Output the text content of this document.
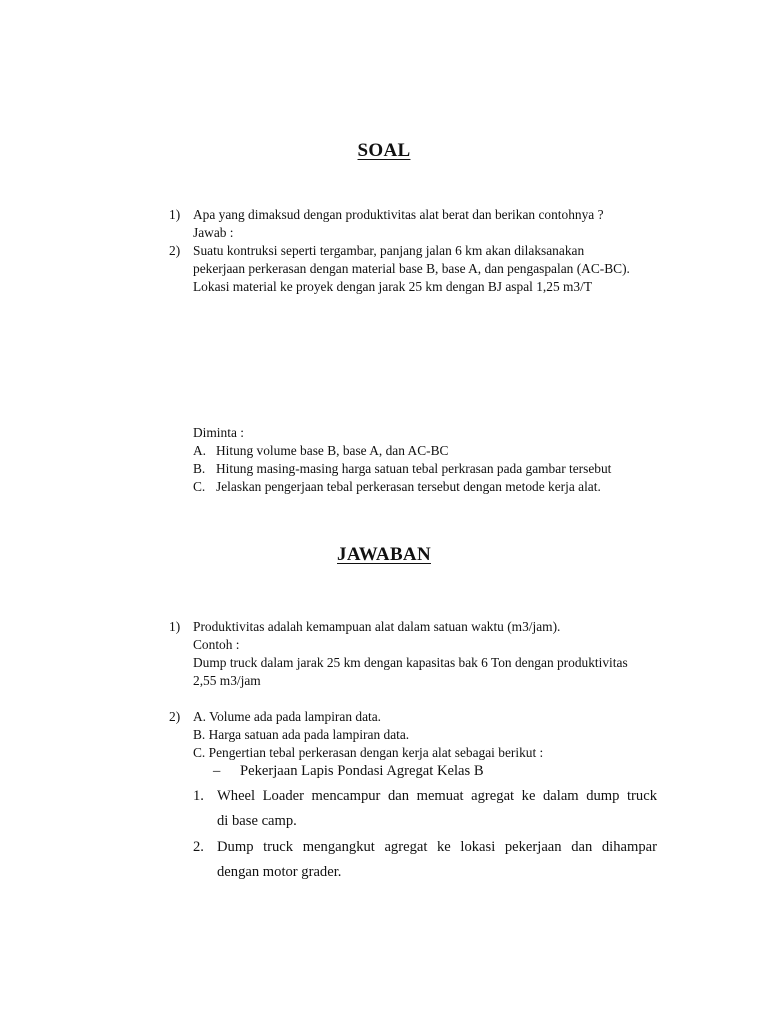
SOAL
1) Apa yang dimaksud dengan produktivitas alat berat dan berikan contohnya ?
Jawab :
2) Suatu kontruksi seperti tergambar, panjang jalan 6 km akan dilaksanakan
pekerjaan perkerasan dengan material base B, base A, dan pengaspalan (AC-BC).
Lokasi material ke proyek dengan jarak 25 km dengan BJ aspal 1,25 m3/T
Diminta :
A. Hitung volume base B, base A, dan AC-BC
B. Hitung masing-masing harga satuan tebal perkrasan pada gambar tersebut
C. Jelaskan pengerjaan tebal perkerasan tersebut dengan metode kerja alat.
JAWABAN
1) Produktivitas adalah kemampuan alat dalam satuan waktu (m3/jam).
Contoh :
Dump truck dalam jarak 25 km dengan kapasitas bak 6 Ton dengan produktivitas
2,55 m3/jam
2) A. Volume ada pada lampiran data.
B. Harga satuan ada pada lampiran data.
C. Pengertian tebal perkerasan dengan kerja alat sebagai berikut :
– Pekerjaan Lapis Pondasi Agregat Kelas B
1. Wheel Loader mencampur dan memuat agregat ke dalam dump truck
di base camp.
2. Dump truck mengangkut agregat ke lokasi pekerjaan dan dihampar
dengan motor grader.
